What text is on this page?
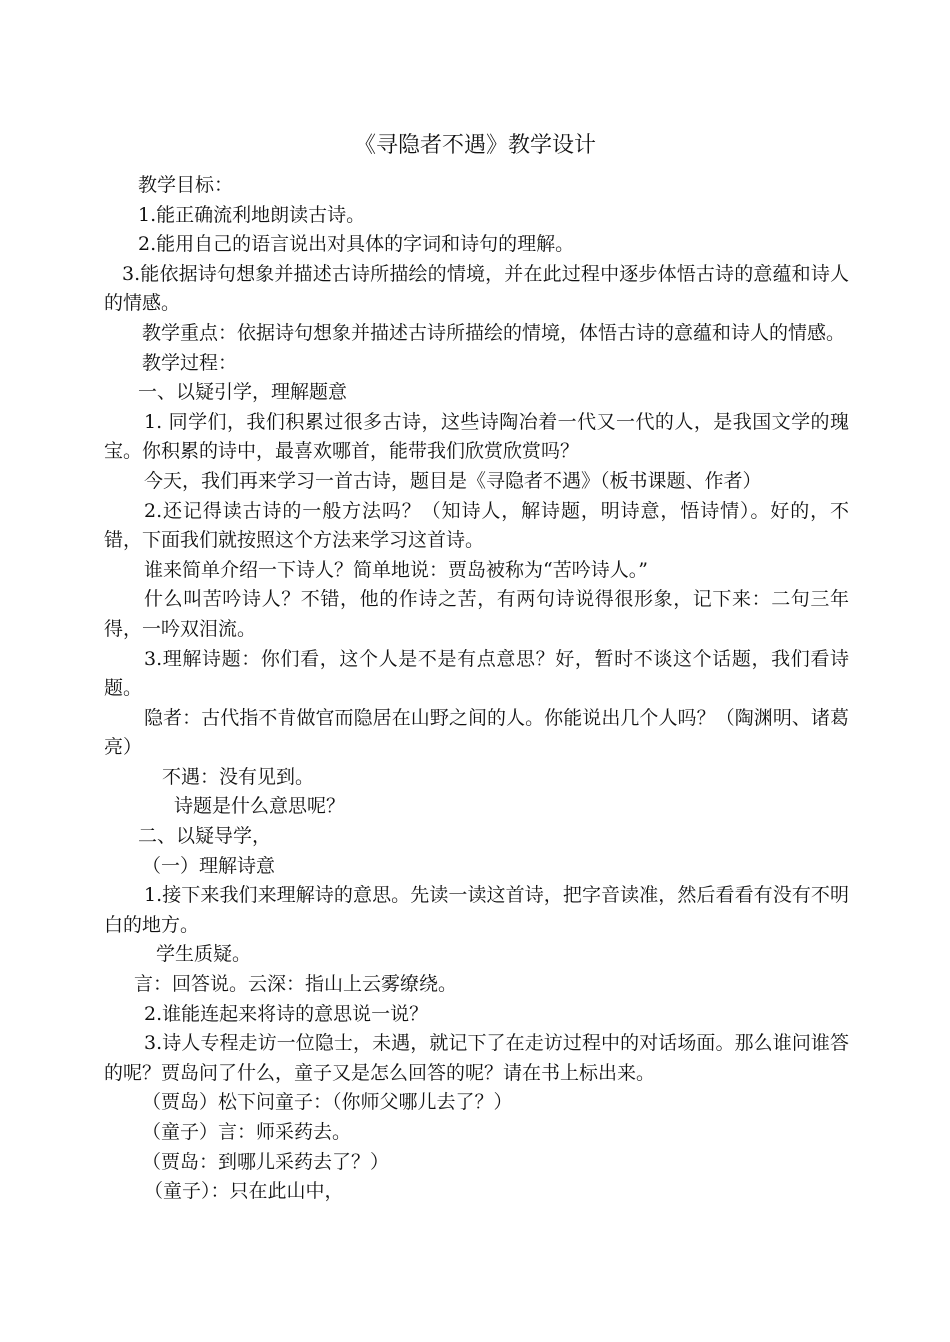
《寻隐者不遇》教学设计

教学目标：

1.能正确流利地朗读古诗。

2.能用自己的语言说出对具体的字词和诗句的理解。

3.能依据诗句想象并描述古诗所描绘的情境，并在此过程中逐步体悟古诗的意蕴和诗人的情感。

教学重点：依据诗句想象并描述古诗所描绘的情境，体悟古诗的意蕴和诗人的情感。

教学过程：

一、以疑引学，理解题意

1. 同学们，我们积累过很多古诗，这些诗陶冶着一代又一代的人，是我国文学的瑰宝。你积累的诗中，最喜欢哪首，能带我们欣赏欣赏吗？

今天，我们再来学习一首古诗，题目是《寻隐者不遇》（板书课题、作者）

2.还记得读古诗的一般方法吗？（知诗人，解诗题，明诗意，悟诗情）。好的，不错，下面我们就按照这个方法来学习这首诗。

谁来简单介绍一下诗人？简单地说：贾岛被称为“苦吟诗人。”

什么叫苦吟诗人？不错，他的作诗之苦，有两句诗说得很形象，记下来：二句三年得，一吟双泪流。

3.理解诗题：你们看，这个人是不是有点意思？好，暂时不谈这个话题，我们看诗题。

隐者：古代指不肯做官而隐居在山野之间的人。你能说出几个人吗？（陶渊明、诸葛亮）

不遇：没有见到。

诗题是什么意思呢？

二、以疑导学，

（一）理解诗意

1.接下来我们来理解诗的意思。先读一读这首诗，把字音读准，然后看看有没有不明白的地方。

学生质疑。

言：回答说。云深：指山上云雾缭绕。

2.谁能连起来将诗的意思说一说？

3.诗人专程走访一位隐士，未遇，就记下了在走访过程中的对话场面。那么谁问谁答的呢？贾岛问了什么，童子又是怎么回答的呢？请在书上标出来。

（贾岛）松下问童子：（你师父哪儿去了？）

（童子）言：师采药去。

（贾岛：到哪儿采药去了？）

（童子）：只在此山中，
